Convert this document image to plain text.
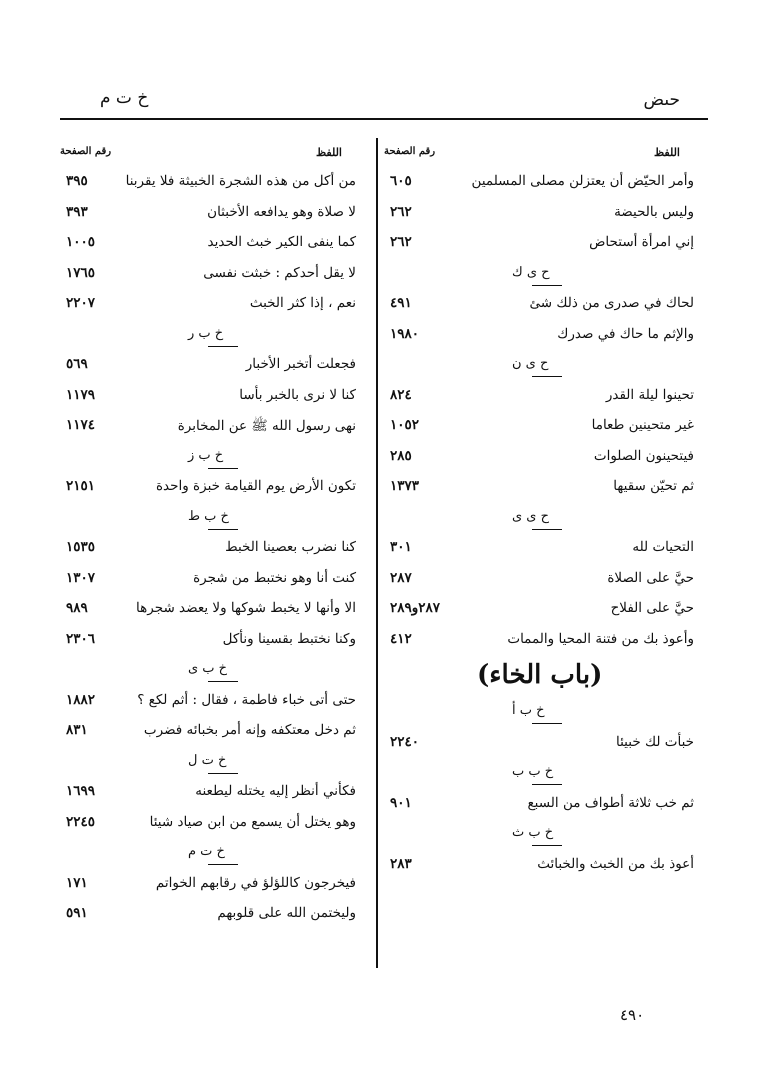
حىض
خ ت م
اللفظ
رقم الصفحة
وأمر الحيّض أن يعتزلن مصلى المسلمين
٦٠٥
وليس بالحيضة
٢٦٢
إني امرأة أستحاض
٢٦٢
ح ى ك
لحاك في صدرى من ذلك شئ
٤٩١
والإثم ما حاك في صدرك
١٩٨٠
ح ى ن
تحينوا ليلة القدر
٨٢٤
غير متحينين طعاما
١٠٥٢
فيتحينون الصلوات
٢٨٥
ثم تحيّن سقيها
١٣٧٣
ح ى ى
التحيات لله
٣٠١
حيَّ على الصلاة
٢٨٧
حيَّ على الفلاح
٢٨٧و٢٨٩
وأعوذ بك من فتنة المحيا والممات
٤١٢
(باب الخاء)
خ ب أ
خبأت لك خبيئا
٢٢٤٠
خ ب ب
ثم خب ثلاثة أطواف من السبع
٩٠١
خ ب ث
أعوذ بك من الخبث والخبائث
٢٨٣
اللفظ
رقم الصفحة
من أكل من هذه الشجرة الخبيثة فلا يقربنا
٣٩٥
لا صلاة وهو يدافعه الأخبثان
٣٩٣
كما ينفى الكير خبث الحديد
١٠٠٥
لا يقل أحدكم : خبثت نفسى
١٧٦٥
نعم ، إذا كثر الخبث
٢٢٠٧
خ ب ر
فجعلت أتخبر الأخبار
٥٦٩
كنا لا نرى بالخبر بأسا
١١٧٩
نهى رسول الله ﷺ عن المخابرة
١١٧٤
خ ب ز
تكون الأرض يوم القيامة خبزة واحدة
٢١٥١
خ ب ط
كنا نضرب بعصينا الخبط
١٥٣٥
كنت أنا وهو نختبط من شجرة
١٣٠٧
الا وأنها لا يخبط شوكها ولا يعضد شجرها
٩٨٩
وكنا نختبط بقسينا ونأكل
٢٣٠٦
خ ب ى
حتى أتى خباء فاطمة ، فقال : أثم لكع ؟
١٨٨٢
ثم دخل معتكفه وإنه أمر بخبائه فضرب
٨٣١
خ ت ل
فكأني أنظر إليه يختله ليطعنه
١٦٩٩
وهو يختل أن يسمع من ابن صياد شيئا
٢٢٤٥
خ ت م
فيخرجون كاللؤلؤ في رقابهم الخواتم
١٧١
وليختمن الله على قلوبهم
٥٩١
٤٩٠
